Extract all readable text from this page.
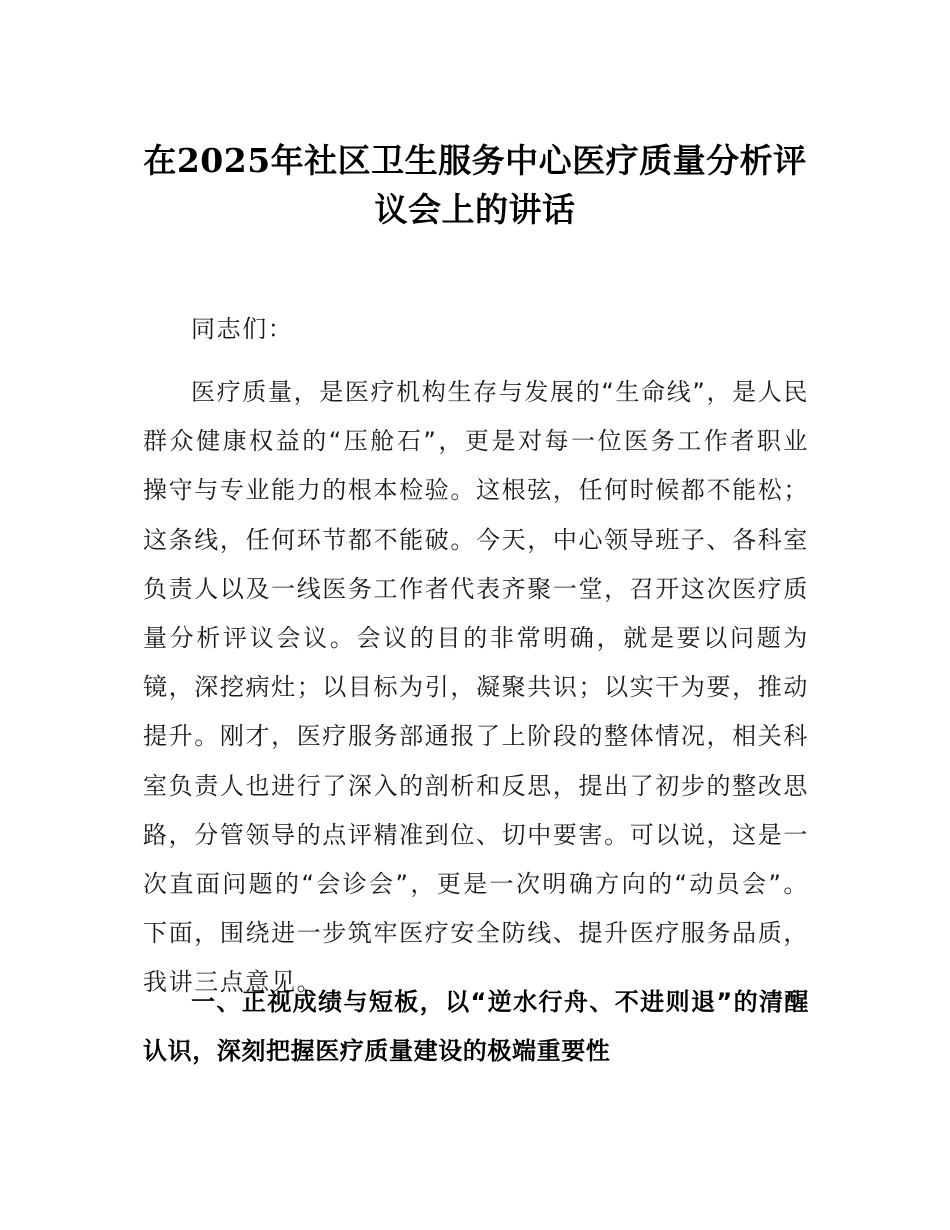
在2025年社区卫生服务中心医疗质量分析评议会上的讲话

同志们：

医疗质量，是医疗机构生存与发展的“生命线”，是人民群众健康权益的“压舱石”，更是对每一位医务工作者职业操守与专业能力的根本检验。这根弦，任何时候都不能松；这条线，任何环节都不能破。今天，中心领导班子、各科室负责人以及一线医务工作者代表齐聚一堂，召开这次医疗质量分析评议会议。会议的目的非常明确，就是要以问题为镜，深挖病灶；以目标为引，凝聚共识；以实干为要，推动提升。刚才，医疗服务部通报了上阶段的整体情况，相关科室负责人也进行了深入的剖析和反思，提出了初步的整改思路，分管领导的点评精准到位、切中要害。可以说，这是一次直面问题的“会诊会”，更是一次明确方向的“动员会”。下面，围绕进一步筑牢医疗安全防线、提升医疗服务品质，我讲三点意见。

一、正视成绩与短板，以“逆水行舟、不进则退”的清醒认识，深刻把握医疗质量建设的极端重要性
